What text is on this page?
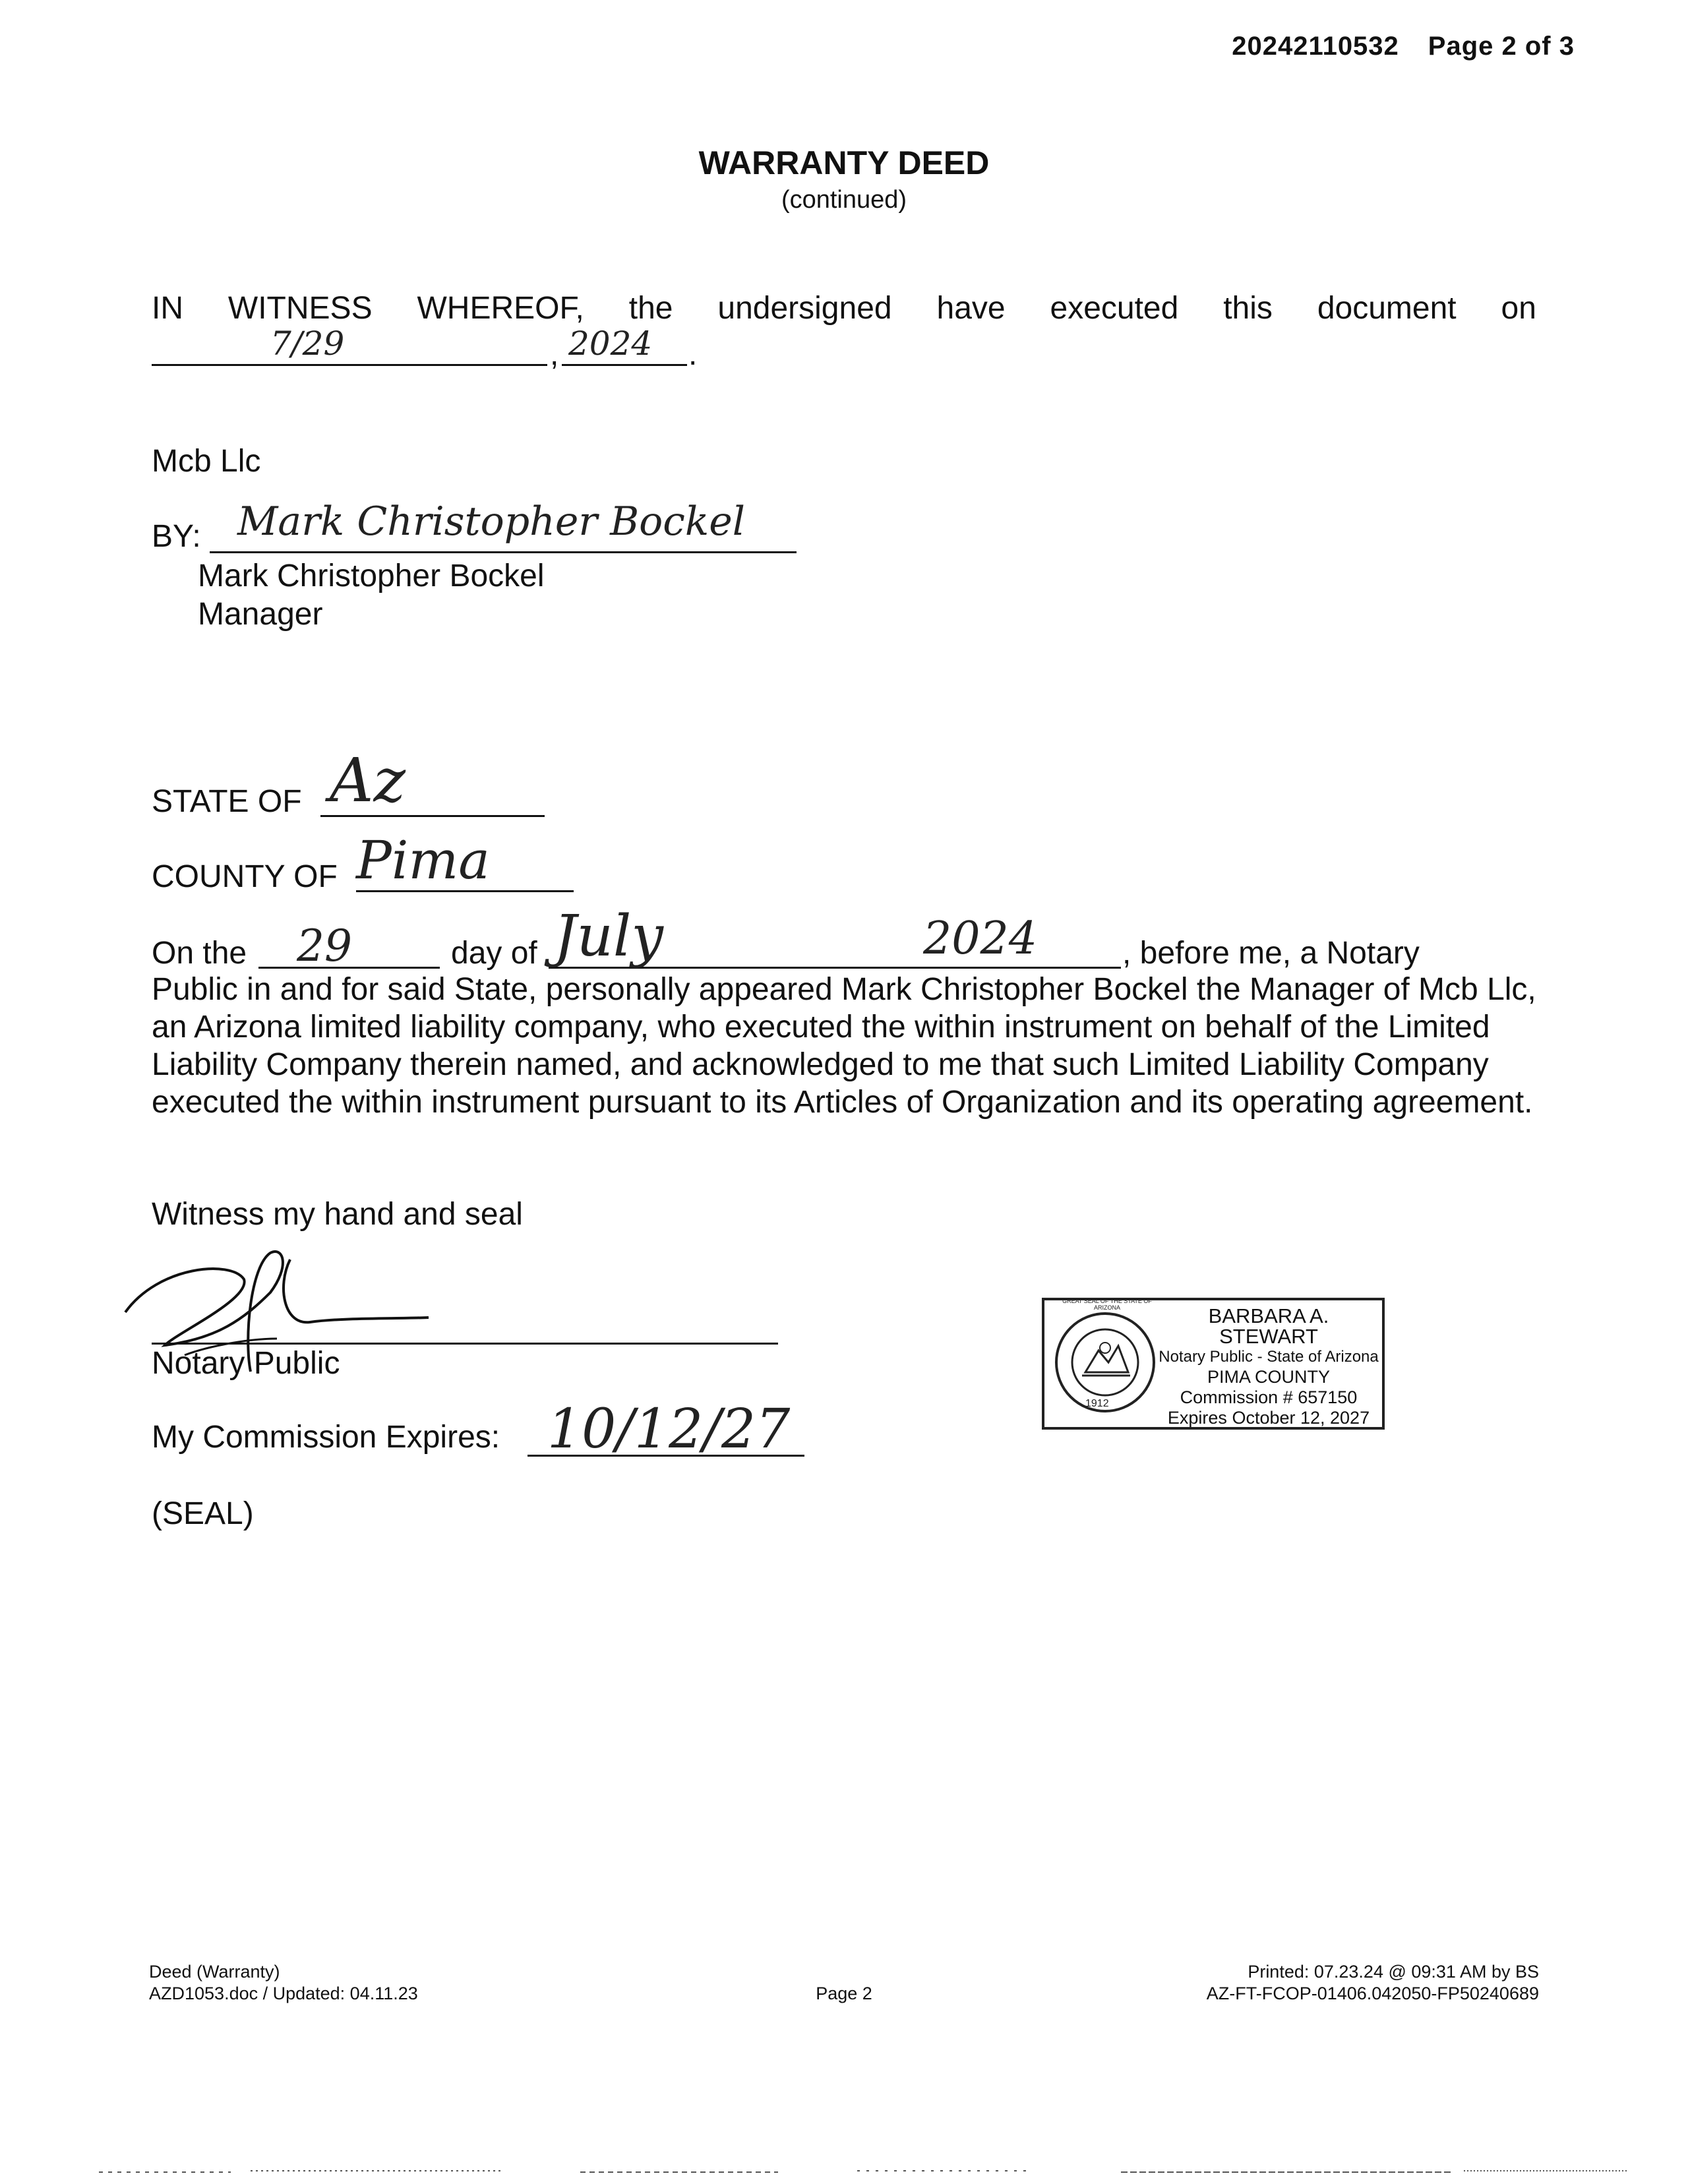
20242110532 Page 2 of 3
WARRANTY DEED
(continued)
IN WITNESS WHEREOF, the undersigned have executed this document on
7/29	, 2024 .
Mcb Llc
BY: Mark Christopher Bockel
Mark Christopher Bockel
Manager
STATE OF Az
COUNTY OF Pima
On the 29	day of July	2024	, before me, a Notary
Public in and for said State, personally appeared Mark Christopher Bockel the Manager of Mcb Llc, an Arizona limited liability company, who executed the within instrument on behalf of the Limited Liability Company therein named, and acknowledged to me that such Limited Liability Company executed the within instrument pursuant to its Articles of Organization and its operating agreement.
Witness my hand and seal
Notary Public
My Commission Expires: 10/12/27
(SEAL)
GREAT SEAL OF THE STATE OF ARIZONA
1912
BARBARA A. STEWART
Notary Public - State of Arizona
PIMA COUNTY
Commission # 657150
Expires October 12, 2027
Deed (Warranty)
AZD1053.doc / Updated: 04.11.23	Page 2
Printed: 07.23.24 @ 09:31 AM by BS
AZ-FT-FCOP-01406.042050-FP50240689
